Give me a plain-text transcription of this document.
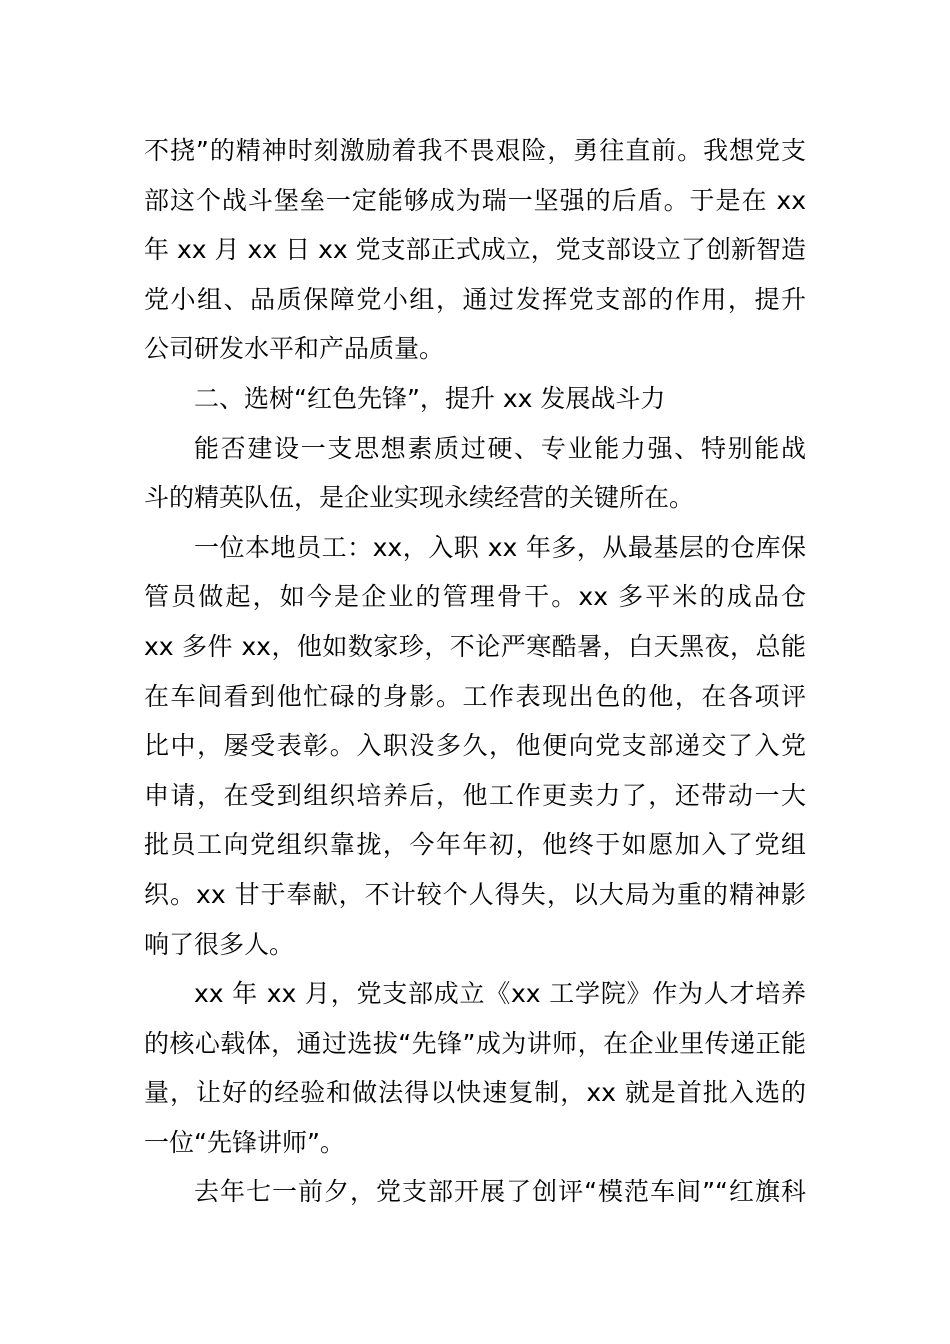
不挠”的精神时刻激励着我不畏艰险，勇往直前。我想党支
部这个战斗堡垒一定能够成为瑞一坚强的后盾。于是在 xx
年 xx 月 xx 日 xx 党支部正式成立，党支部设立了创新智造
党小组、品质保障党小组，通过发挥党支部的作用，提升
公司研发水平和产品质量。
二、选树“红色先锋”，提升 xx 发展战斗力
能否建设一支思想素质过硬、专业能力强、特别能战
斗的精英队伍，是企业实现永续经营的关键所在。
一位本地员工：xx，入职 xx 年多，从最基层的仓库保
管员做起，如今是企业的管理骨干。xx 多平米的成品仓
xx 多件 xx，他如数家珍，不论严寒酷暑，白天黑夜，总能
在车间看到他忙碌的身影。工作表现出色的他，在各项评
比中，屡受表彰。入职没多久，他便向党支部递交了入党
申请，在受到组织培养后，他工作更卖力了，还带动一大
批员工向党组织靠拢，今年年初，他终于如愿加入了党组
织。xx 甘于奉献，不计较个人得失，以大局为重的精神影
响了很多人。
xx 年 xx 月，党支部成立《xx 工学院》作为人才培养
的核心载体，通过选拔“先锋”成为讲师，在企业里传递正能
量，让好的经验和做法得以快速复制，xx 就是首批入选的
一位“先锋讲师”。
去年七一前夕，党支部开展了创评“模范车间”“红旗科
